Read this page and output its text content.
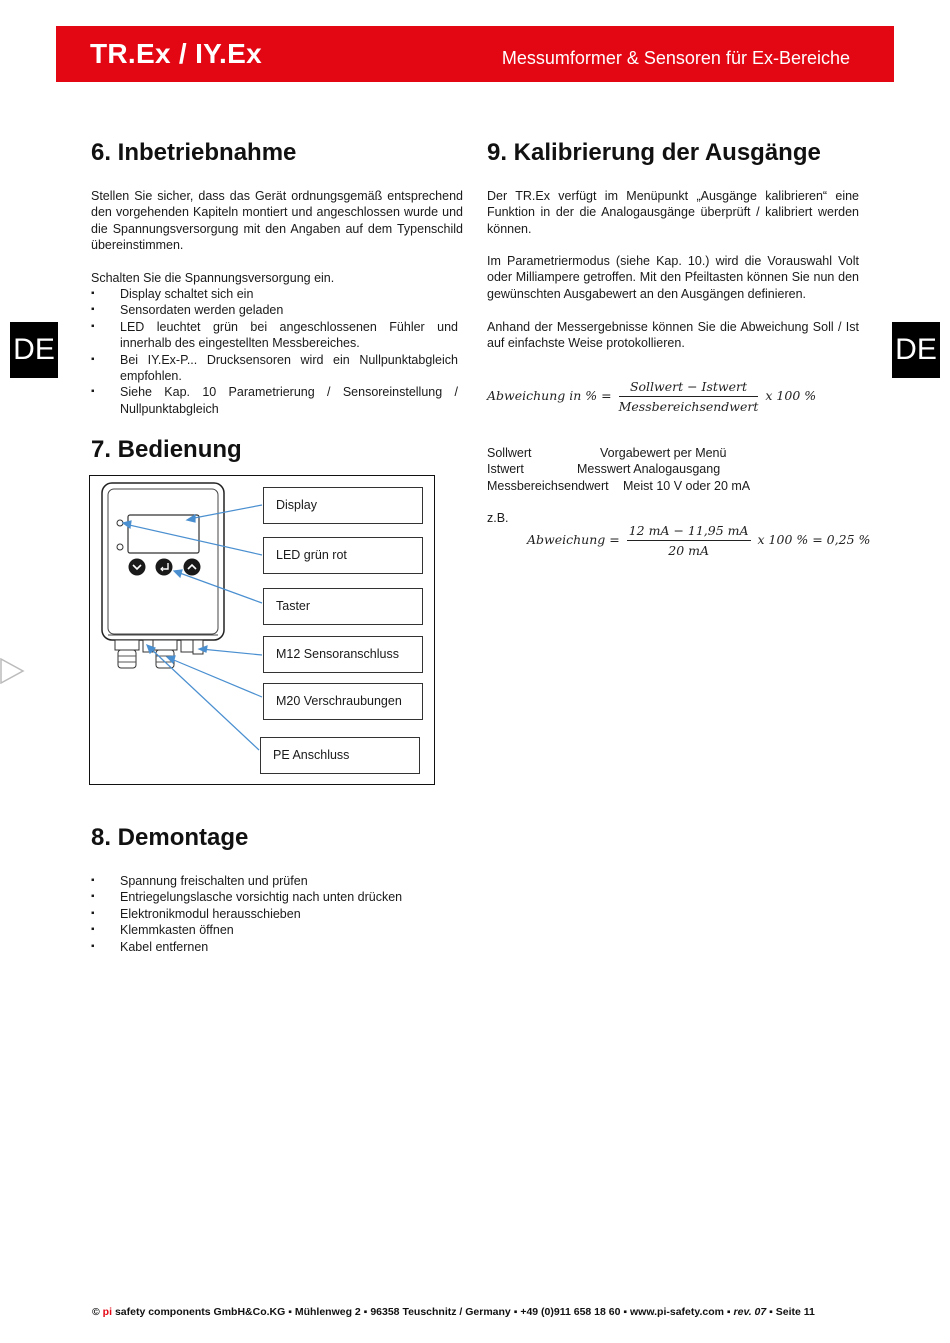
TR.Ex / IY.Ex	Messumformer & Sensoren für Ex-Bereiche
DE	DE
6. Inbetriebnahme

Stellen Sie sicher, dass das Gerät ordnungsgemäß entsprechend den vorgehenden Kapiteln montiert und angeschlossen wurde und die Spannungsversorgung mit den Angaben auf dem Typenschild übereinstimmen.

Schalten Sie die Spannungsversorgung ein.

▪ Display schaltet sich ein
▪ Sensordaten werden geladen
▪ LED leuchtet grün bei angeschlossenen Fühler und innerhalb des eingestellten Messbereiches.
▪ Bei IY.Ex-P... Drucksensoren wird ein Nullpunktabgleich empfohlen.
▪ Siehe Kap. 10 Parametrierung / Sensoreinstellung / Nullpunktabgleich
7. Bedienung
Display
LED grün rot
Taster
M12 Sensoranschluss
M20 Verschraubungen
PE Anschluss
8. Demontage
▪ Spannung freischalten und prüfen
▪ Entriegelungslasche vorsichtig nach unten drücken
▪ Elektronikmodul herausschieben
▪ Klemmkasten öffnen
▪ Kabel entfernen
9. Kalibrierung der Ausgänge

Der TR.Ex verfügt im Menüpunkt „Ausgänge kalibrieren“ eine Funktion in der die Analogausgänge überprüft / kalibriert werden können.

Im Parametriermodus (siehe Kap. 10.) wird die Vorauswahl Volt oder Milliampere getroffen. Mit den Pfeiltasten können Sie nun den gewünschten Ausgabewert an den Ausgängen definieren.

Anhand der Messergebnisse können Sie die Abweichung Soll / Ist auf einfachste Weise protokollieren.

Abweichung in % = $\frac{\text{Sollwert − Istwert}}{\text{Messbereichsendwert}}$ x 100 %
Sollwert	Vorgabewert per Menü
Istwert	Messwert Analogausgang
Messbereichsendwert Meist 10 V oder 20 mA
z.B.
Abweichung = $\frac{12 mA - 11,95 mA}{20 mA}$ x 100 % = 0,25 %
© pi safety components GmbH&Co.KG ▪ Mühlenweg 2 ▪ 96358 Teuschnitz / Germany ▪ +49 (0)911 658 18 60 ▪ www.pi-safety.com ▪ rev. 07 ▪ Seite 11
